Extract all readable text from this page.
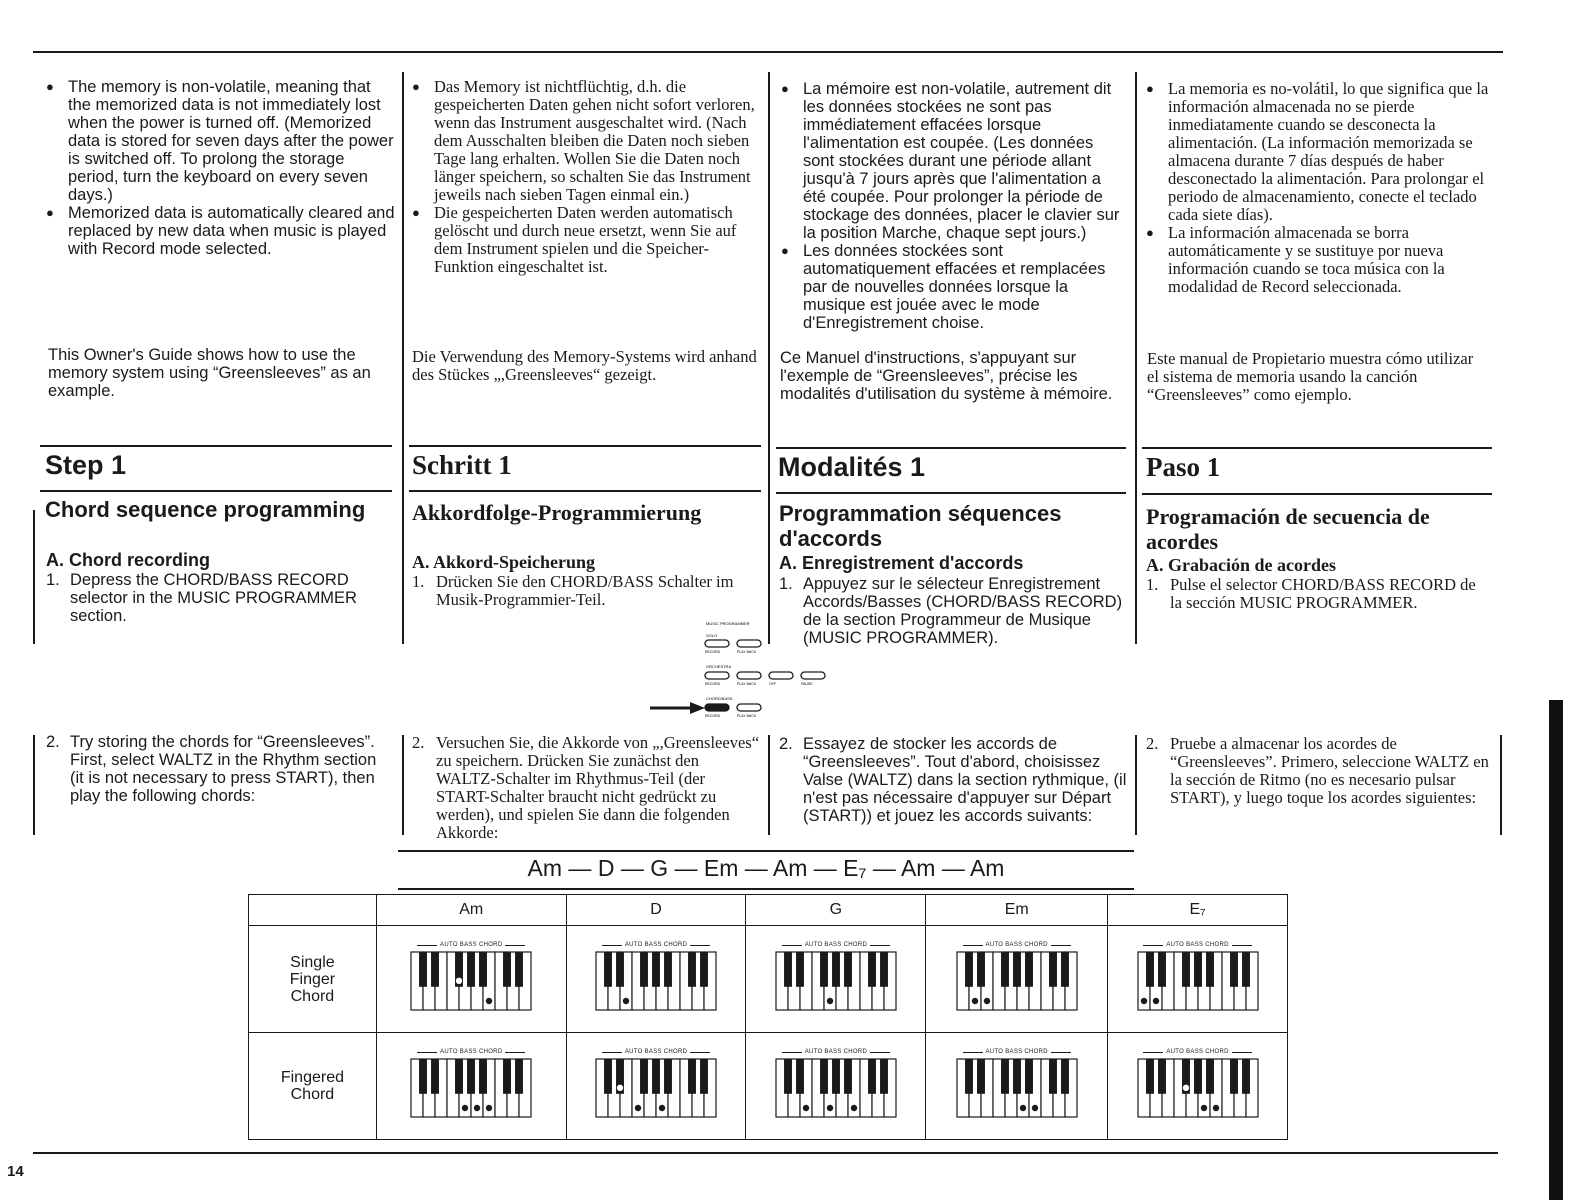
● The memory is non-volatile, meaning that the memorized data is not immediately lost when the power is turned off. (Memorized data is stored for seven days after the power is switched off. To prolong the storage period, turn the keyboard on every seven days.)
● Memorized data is automatically cleared and replaced by new data when music is played with Record mode selected.
This Owner's Guide shows how to use the memory system using “Greensleeves” as an example.
Step 1
Chord sequence programming
A. Chord recording
1. Depress the CHORD/BASS RECORD selector in the MUSIC PROGRAMMER section.
2. Try storing the chords for “Greensleeves”. First, select WALTZ in the Rhythm section (it is not necessary to press START), then play the following chords:
● Das Memory ist nichtflüchtig, d.h. die gespeicherten Daten gehen nicht sofort verloren, wenn das Instrument ausgeschaltet wird. (Nach dem Ausschalten bleiben die Daten noch sieben Tage lang erhalten. Wollen Sie die Daten noch länger speichern, so schalten Sie das Instrument jeweils nach sieben Tagen einmal ein.)
● Die gespeicherten Daten werden automatisch gelöscht und durch neue ersetzt, wenn Sie auf dem Instrument spielen und die Speicher-Funktion eingeschaltet ist.
Die Verwendung des Memory-Systems wird anhand des Stückes „,Greensleeves“ gezeigt.
Schritt 1
Akkordfolge-Programmierung
A. Akkord-Speicherung
1. Drücken Sie den CHORD/BASS Schalter im Musik-Programmier-Teil.
2. Versuchen Sie, die Akkorde von „,Greensleeves“ zu speichern. Drücken Sie zunächst den WALTZ-Schalter im Rhythmus-Teil (der START-Schalter braucht nicht gedrückt zu werden), und spielen Sie dann die folgenden Akkorde:
● La mémoire est non-volatile, autrement dit les données stockées ne sont pas immédiatement effacées lorsque l'alimentation est coupée. (Les données sont stockées durant une période allant jusqu'à 7 jours après que l'alimentation a été coupée. Pour prolonger la période de stockage des données, placer le clavier sur la position Marche, chaque sept jours.)
● Les données stockées sont automatiquement effacées et remplacées par de nouvelles données lorsque la musique est jouée avec le mode d'Enregistrement choise.
Ce Manuel d'instructions, s'appuyant sur l'exemple de “Greensleeves”, précise les modalités d'utilisation du système à mémoire.
Modalités 1
Programmation séquences d'accords
A. Enregistrement d'accords
1. Appuyez sur le sélecteur Enregistrement Accords/Basses (CHORD/BASS RECORD) de la section Programmeur de Musique (MUSIC PROGRAMMER).
2. Essayez de stocker les accords de “Greensleeves”. Tout d'abord, choisissez Valse (WALTZ) dans la section rythmique, (il n'est pas nécessaire d'appuyer sur Départ (START)) et jouez les accords suivants:
● La memoria es no-volátil, lo que significa que la información almacenada no se pierde inmediatamente cuando se desconecta la alimentación. (La información memorizada se almacena durante 7 días después de haber desconectado la alimentación. Para prolongar el periodo de almacenamiento, conecte el teclado cada siete días).
● La información almacenada se borra automáticamente y se sustituye por nueva información cuando se toca música con la modalidad de Record seleccionada.
Este manual de Propietario muestra cómo utilizar el sistema de memoria usando la canción “Greensleeves” como ejemplo.
Paso 1
Programación de secuencia de acordes
A. Grabación de acordes
1. Pulse el selector CHORD/BASS RECORD de la sección MUSIC PROGRAMMER.
2. Pruebe a almacenar los acordes de “Greensleeves”. Primero, seleccione WALTZ en la sección de Ritmo (no es necesario pulsar START), y luego toque los acordes siguientes:
MUSIC PROGRAMMER
SOLO
RECORD	PLAY BACK
ORCHESTRA
RECORD	PLAY BACK	OFF	PAUSE
CHORD/BASS
RECORD	PLAY BACK
Am — D — G — Em — Am — E₇ — Am — Am
	Am	D	G	Em	E₇

Single Finger Chord	AUTO BASS CHORD	AUTO BASS CHORD	AUTO BASS CHORD	AUTO BASS CHORD	AUTO BASS CHORD

Fingered Chord	AUTO BASS CHORD	AUTO BASS CHORD	AUTO BASS CHORD	AUTO BASS CHORD	AUTO BASS CHORD
14
